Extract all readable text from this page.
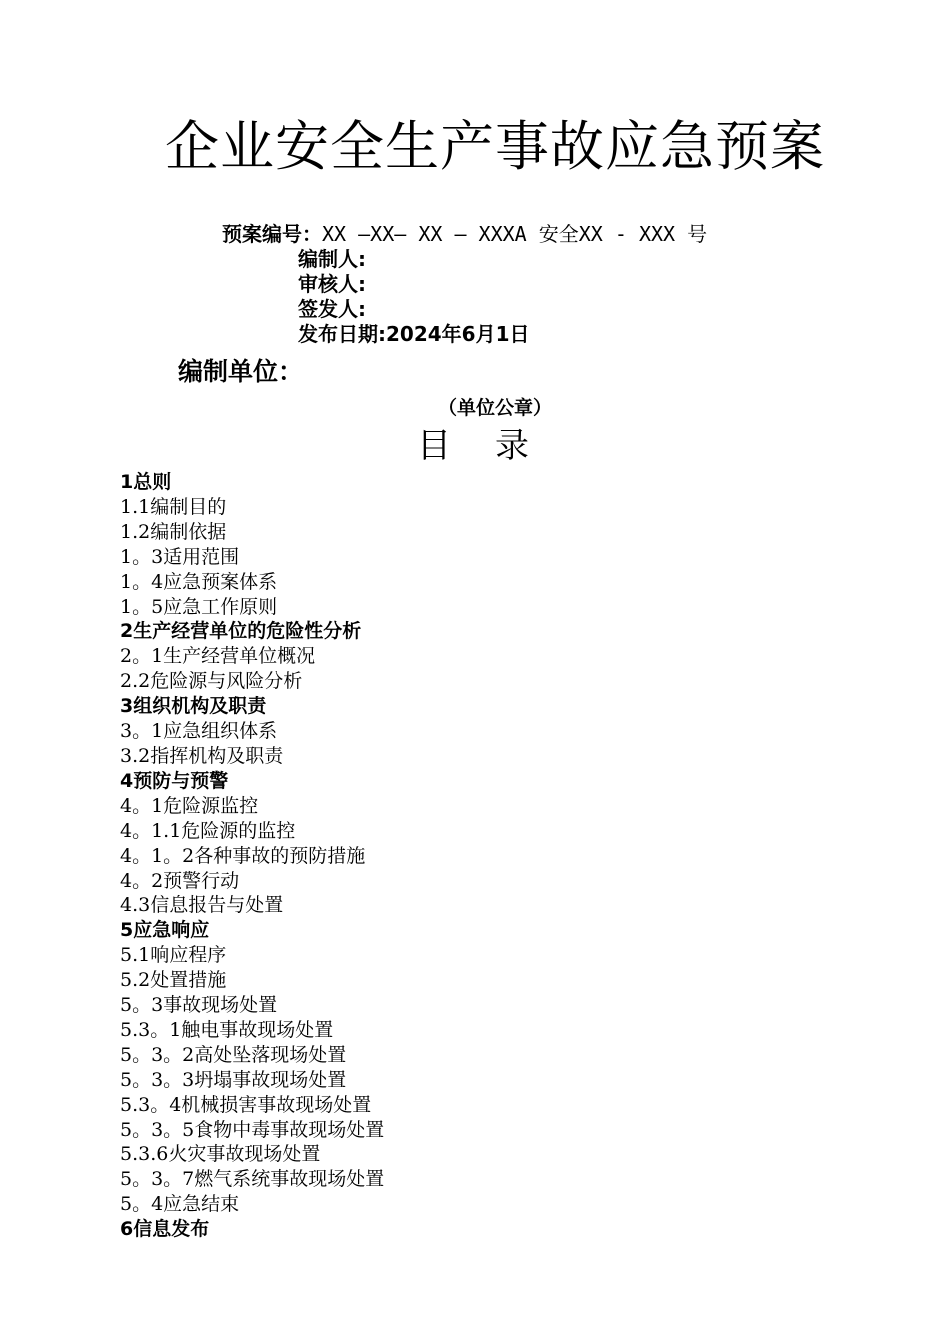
企业安全生产事故应急预案
预案编号：XX —XX— XX — XXXA 安全XX - XXX 号
编制人:
审核人:
签发人:
发布日期:2024年6月1日
编制单位：
（单位公章）
目录
1总则
1.1编制目的
1.2编制依据
1。3适用范围
1。4应急预案体系
1。5应急工作原则
2生产经营单位的危险性分析
2。1生产经营单位概况
2.2危险源与风险分析
3组织机构及职责
3。1应急组织体系
3.2指挥机构及职责
4预防与预警
4。1危险源监控
4。1.1危险源的监控
4。1。2各种事故的预防措施
4。2预警行动
4.3信息报告与处置
5应急响应
5.1响应程序
5.2处置措施
5。3事故现场处置
5.3。1触电事故现场处置
5。3。2高处坠落现场处置
5。3。3坍塌事故现场处置
5.3。4机械损害事故现场处置
5。3。5食物中毒事故现场处置
5.3.6火灾事故现场处置
5。3。7燃气系统事故现场处置
5。4应急结束
6信息发布
